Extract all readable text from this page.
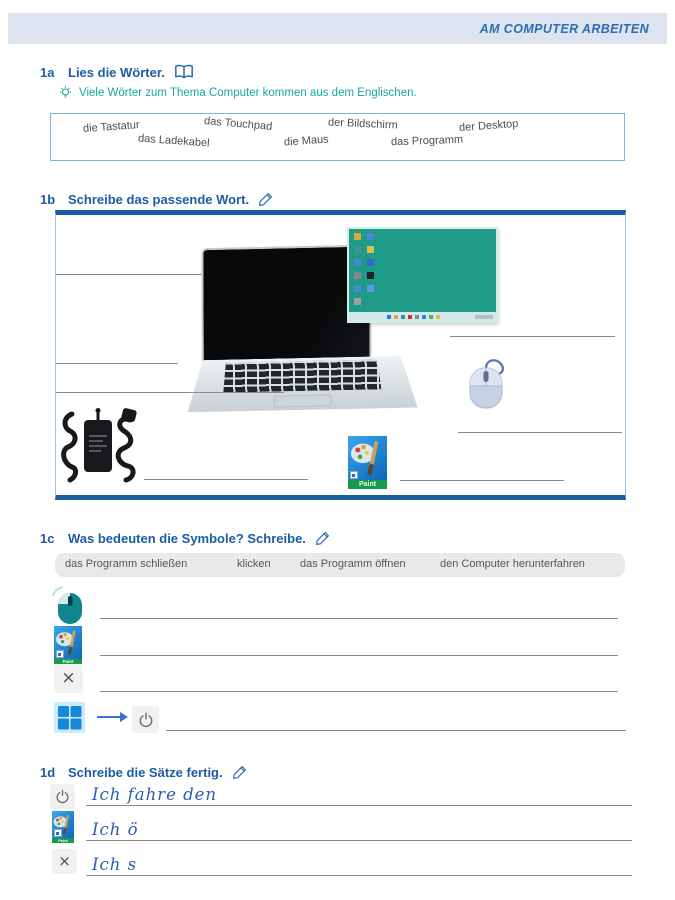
AM COMPUTER ARBEITEN
1a	Lies die Wörter.
Viele Wörter zum Thema Computer kommen aus dem Englischen.
die Tastatur
das Ladekabel
das Touchpad
die Maus
der Bildschirm
das Programm
der Desktop
1b Schreibe das passende Wort.
Paint
1c	Was bedeuten die Symbole? Schreibe.
das Programm schließen	klicken	das Programm öffnen	den Computer herunterfahren
Paint
×
1d Schreibe die Sätze fertig.
Ich fahre den
Paint
Ich ö
× Ich s
